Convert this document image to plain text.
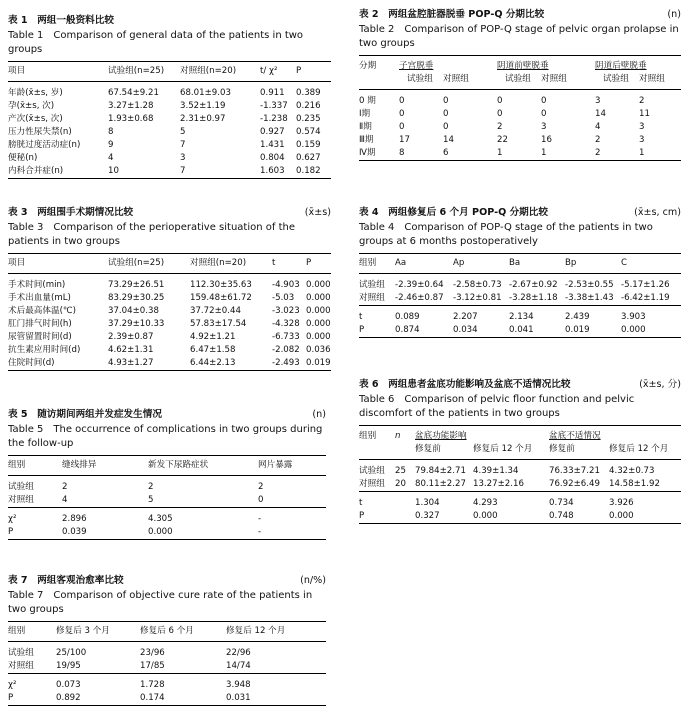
表 1　两组一般资料比较
Table 1　Comparison of general data of the patients in two groups
项目	试验组(n=25)	对照组(n=20)	t/ χ²	P
年龄(x̄±s, 岁)	67.54±9.21	68.01±9.03	0.911	0.389
孕(x̄±s, 次)	3.27±1.28	3.52±1.19	-1.337	0.216
产次(x̄±s, 次)	1.93±0.68	2.31±0.97	-1.238	0.235
压力性尿失禁(n)	8	5	0.927	0.574
膀胱过度活动症(n)	9	7	1.431	0.159
便秘(n)	4	3	0.804	0.627
内科合并症(n)	10	7	1.603	0.182
表 2　两组盆腔脏器脱垂 POP-Q 分期比较	(n)
Table 2　Comparison of POP-Q stage of pelvic organ prolapse in two groups
分期	子宫脱垂		阴道前壁脱垂		阴道后壁脱垂	
	试验组	对照组	试验组	对照组	试验组	对照组
0 期	0	0	0	0	3	2
Ⅰ期	0	0	0	0	14	11
Ⅱ期	0	0	2	3	4	3
Ⅲ期	17	14	22	16	2	3
Ⅳ期	8	6	1	1	2	1
表 3　两组围手术期情况比较	(x̄±s)
Table 3　Comparison of the perioperative situation of the patients in two groups
项目	试验组(n=25)	对照组(n=20)	t	P
手术时间(min)	73.29±26.51	112.30±35.63	-4.903	0.000
手术出血量(mL)	83.29±30.25	159.48±61.72	-5.03	0.000
术后最高体温(℃)	37.04±0.38	37.72±0.44	-3.023	0.000
肛门排气时间(h)	37.29±10.33	57.83±17.54	-4.328	0.000
尿管留置时间(d)	2.39±0.87	4.92±1.21	-6.733	0.000
抗生素应用时间(d)	4.62±1.31	6.47±1.58	-2.082	0.036
住院时间(d)	4.93±1.27	6.44±2.13	-2.493	0.019
表 4　两组修复后 6 个月 POP-Q 分期比较	(x̄±s, cm)
Table 4　Comparison of POP-Q stage of the patients in two groups at 6 months postoperatively
组别	Aa	Ap	Ba	Bp	C
试验组	-2.39±0.64	-2.58±0.73	-2.67±0.92	-2.53±0.55	-5.17±1.26
对照组	-2.46±0.87	-3.12±0.81	-3.28±1.18	-3.38±1.43	-6.42±1.19
t	0.089	2.207	2.134	2.439	3.903
P	0.874	0.034	0.041	0.019	0.000
表 5　随访期间两组并发症发生情况	(n)
Table 5　The occurrence of complications in two groups during the follow-up
组别	缝线排异	新发下尿路症状	网片暴露
试验组	2	2	2
对照组	4	5	0
χ²	2.896	4.305	-
P	0.039	0.000	-
表 6　两组患者盆底功能影响及盆底不适情况比较	(x̄±s, 分)
Table 6　Comparison of pelvic floor function and pelvic discomfort of the patients in two groups
组别	n	盆底功能影响		盆底不适情况	
		修复前	修复后 12 个月	修复前	修复后 12 个月
试验组	25	79.84±2.71	4.39±1.34	76.33±7.21	4.32±0.73
对照组	20	80.11±2.27	13.27±2.16	76.92±6.49	14.58±1.92
t		1.304	4.293	0.734	3.926
P		0.327	0.000	0.748	0.000
表 7　两组客观治愈率比较	(n/%)
Table 7　Comparison of objective cure rate of the patients in two groups
组别	修复后 3 个月	修复后 6 个月	修复后 12 个月
试验组	25/100	23/96	22/96
对照组	19/95	17/85	14/74
χ²	0.073	1.728	3.948
P	0.892	0.174	0.031
